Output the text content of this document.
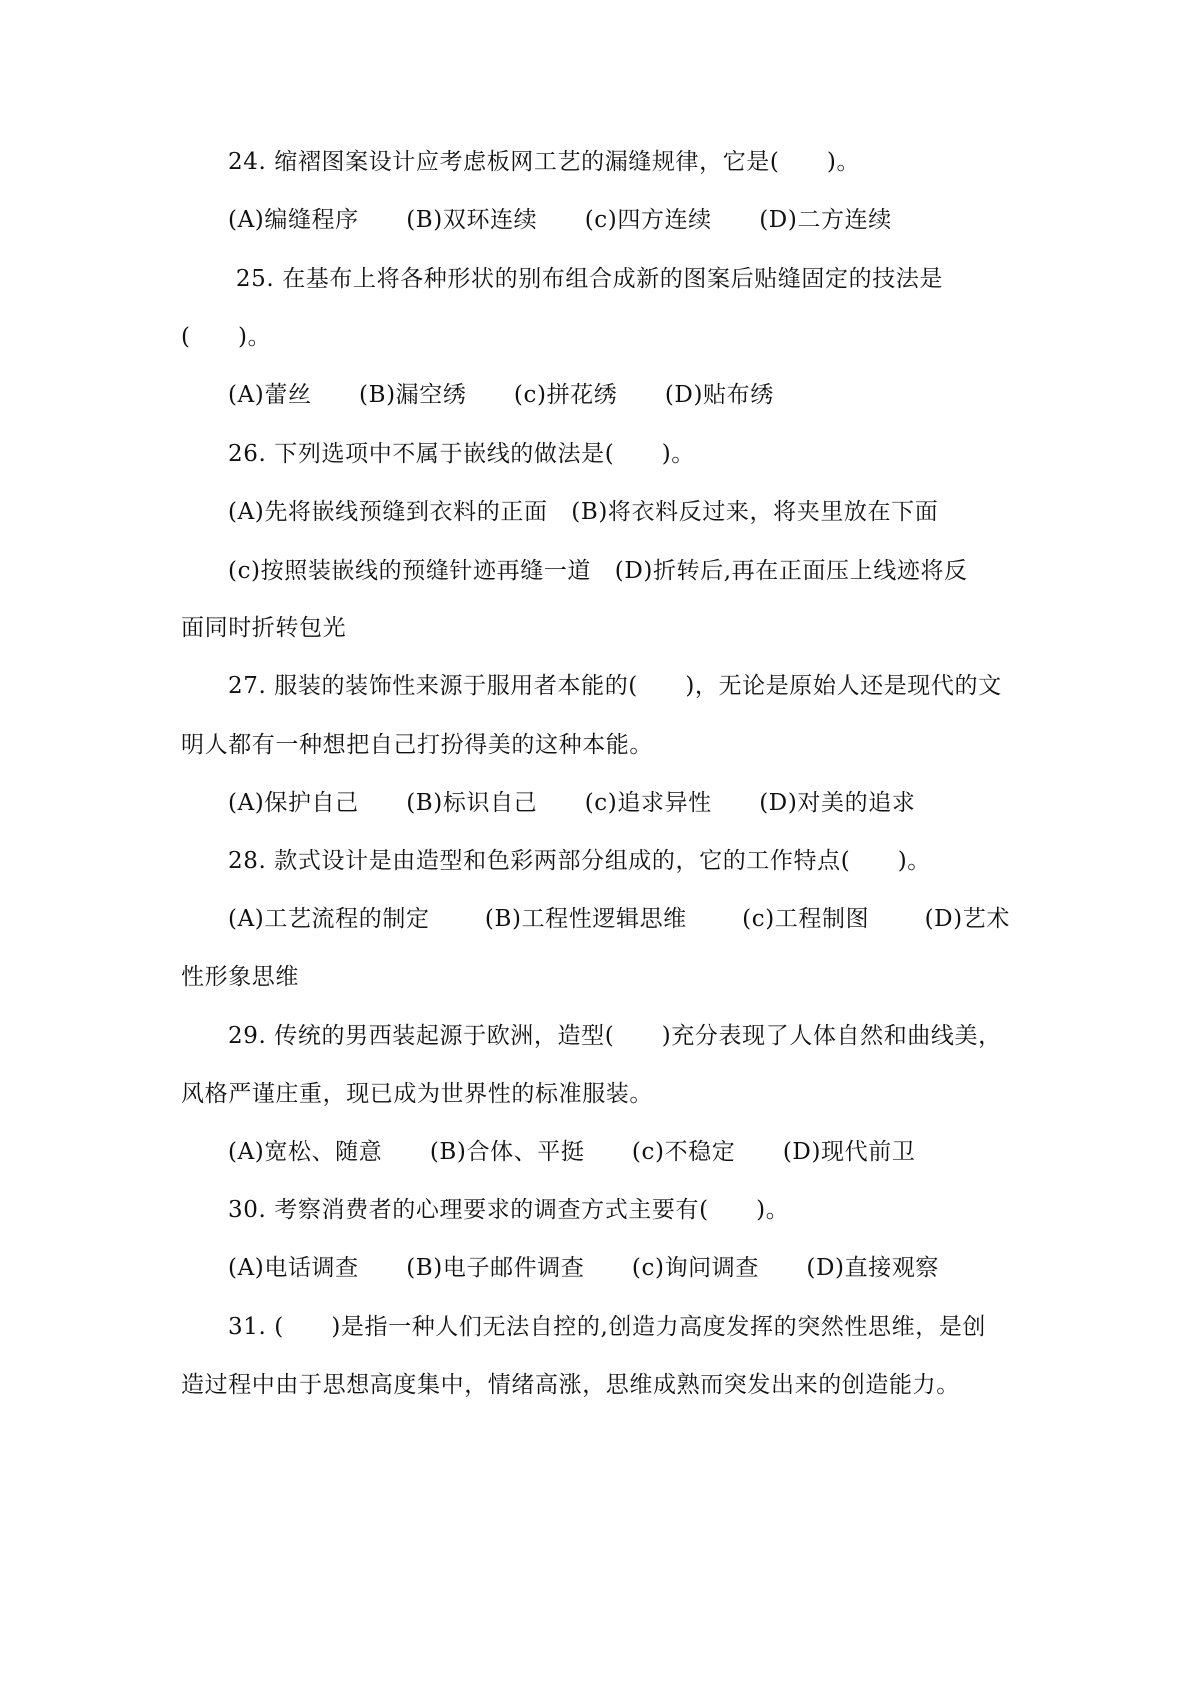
24. 缩褶图案设计应考虑板网工艺的漏缝规律，它是(      )。
(A)编缝程序      (B)双环连续      (c)四方连续      (D)二方连续
25. 在基布上将各种形状的别布组合成新的图案后贴缝固定的技法是
(      )。
(A)蕾丝      (B)漏空绣      (c)拼花绣      (D)贴布绣
26. 下列选项中不属于嵌线的做法是(      )。
(A)先将嵌线预缝到衣料的正面   (B)将衣料反过来，将夹里放在下面
(c)按照装嵌线的预缝针迹再缝一道   (D)折转后,再在正面压上线迹将反
面同时折转包光
27. 服装的装饰性来源于服用者本能的(      )，无论是原始人还是现代的文
明人都有一种想把自己打扮得美的这种本能。
(A)保护自己      (B)标识自己      (c)追求异性      (D)对美的追求
28. 款式设计是由造型和色彩两部分组成的，它的工作特点(      )。
(A)工艺流程的制定       (B)工程性逻辑思维       (c)工程制图       (D)艺术
性形象思维
29. 传统的男西装起源于欧洲，造型(      )充分表现了人体自然和曲线美，
风格严谨庄重，现已成为世界性的标准服装。
(A)宽松、随意      (B)合体、平挺      (c)不稳定      (D)现代前卫
30. 考察消费者的心理要求的调查方式主要有(      )。
(A)电话调查      (B)电子邮件调查      (c)询问调查      (D)直接观察
31. (      )是指一种人们无法自控的,创造力高度发挥的突然性思维，是创
造过程中由于思想高度集中，情绪高涨，思维成熟而突发出来的创造能力。
